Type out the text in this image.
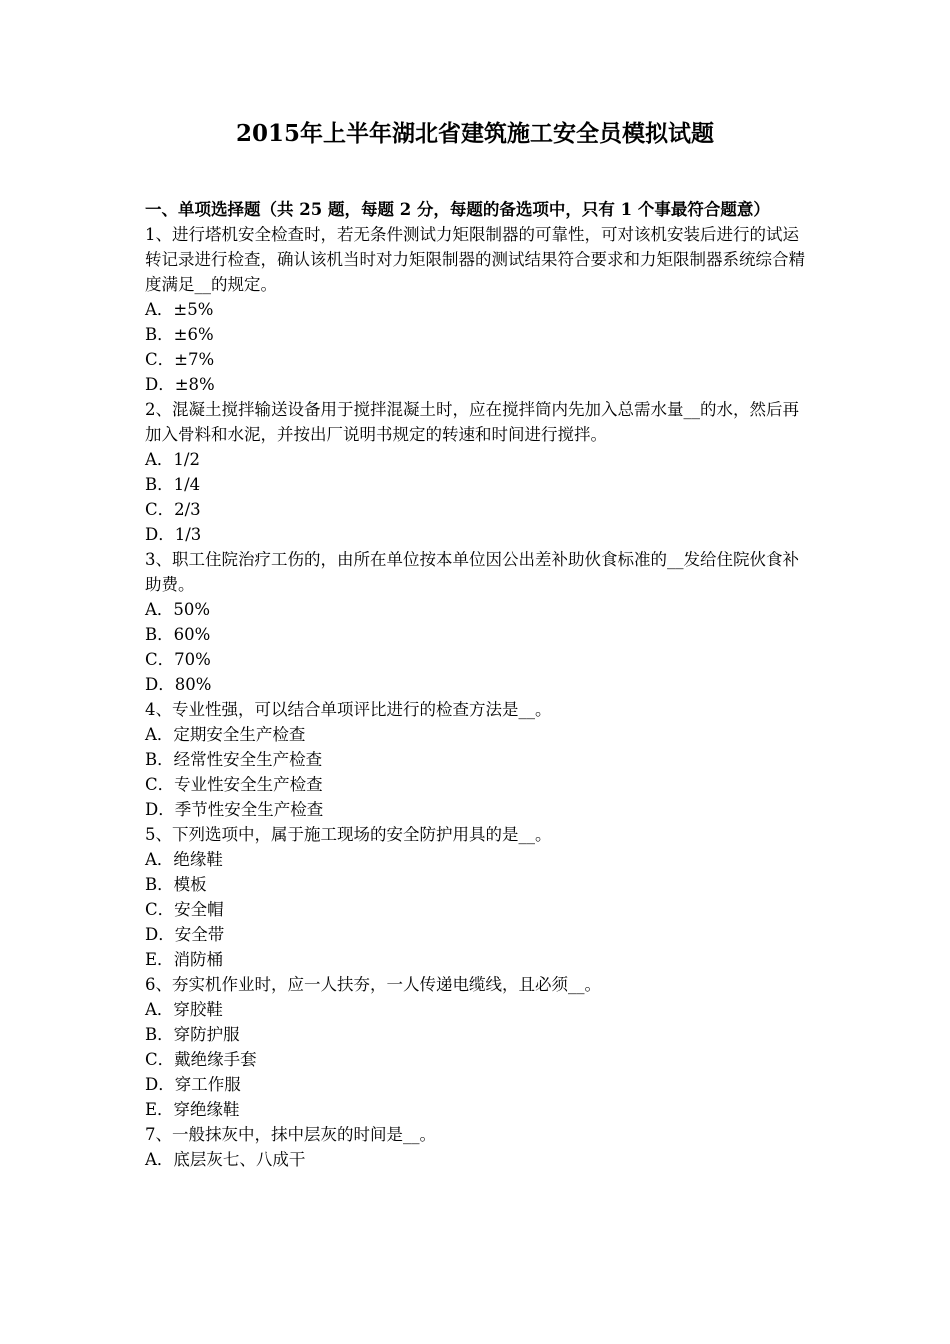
2015年上半年湖北省建筑施工安全员模拟试题

一、单项选择题（共 25 题，每题 2 分，每题的备选项中，只有 1 个事最符合题意）

1、进行塔机安全检查时，若无条件测试力矩限制器的可靠性，可对该机安装后进行的试运转记录进行检查，确认该机当时对力矩限制器的测试结果符合要求和力矩限制器系统综合精度满足__的规定。

A．±5%

B．±6%

C．±7%

D．±8%

2、混凝土搅拌输送设备用于搅拌混凝土时，应在搅拌筒内先加入总需水量__的水，然后再加入骨料和水泥，并按出厂说明书规定的转速和时间进行搅拌。

A．1/2

B．1/4

C．2/3

D．1/3

3、职工住院治疗工伤的，由所在单位按本单位因公出差补助伙食标准的__发给住院伙食补助费。

A．50%

B．60%

C．70%

D．80%

4、专业性强，可以结合单项评比进行的检查方法是__。

A．定期安全生产检查

B．经常性安全生产检查

C．专业性安全生产检查

D．季节性安全生产检查

5、下列选项中，属于施工现场的安全防护用具的是__。

A．绝缘鞋

B．模板

C．安全帽

D．安全带

E．消防桶

6、夯实机作业时，应一人扶夯，一人传递电缆线，且必须__。

A．穿胶鞋

B．穿防护服

C．戴绝缘手套

D．穿工作服

E．穿绝缘鞋

7、一般抹灰中，抹中层灰的时间是__。

A．底层灰七、八成干
